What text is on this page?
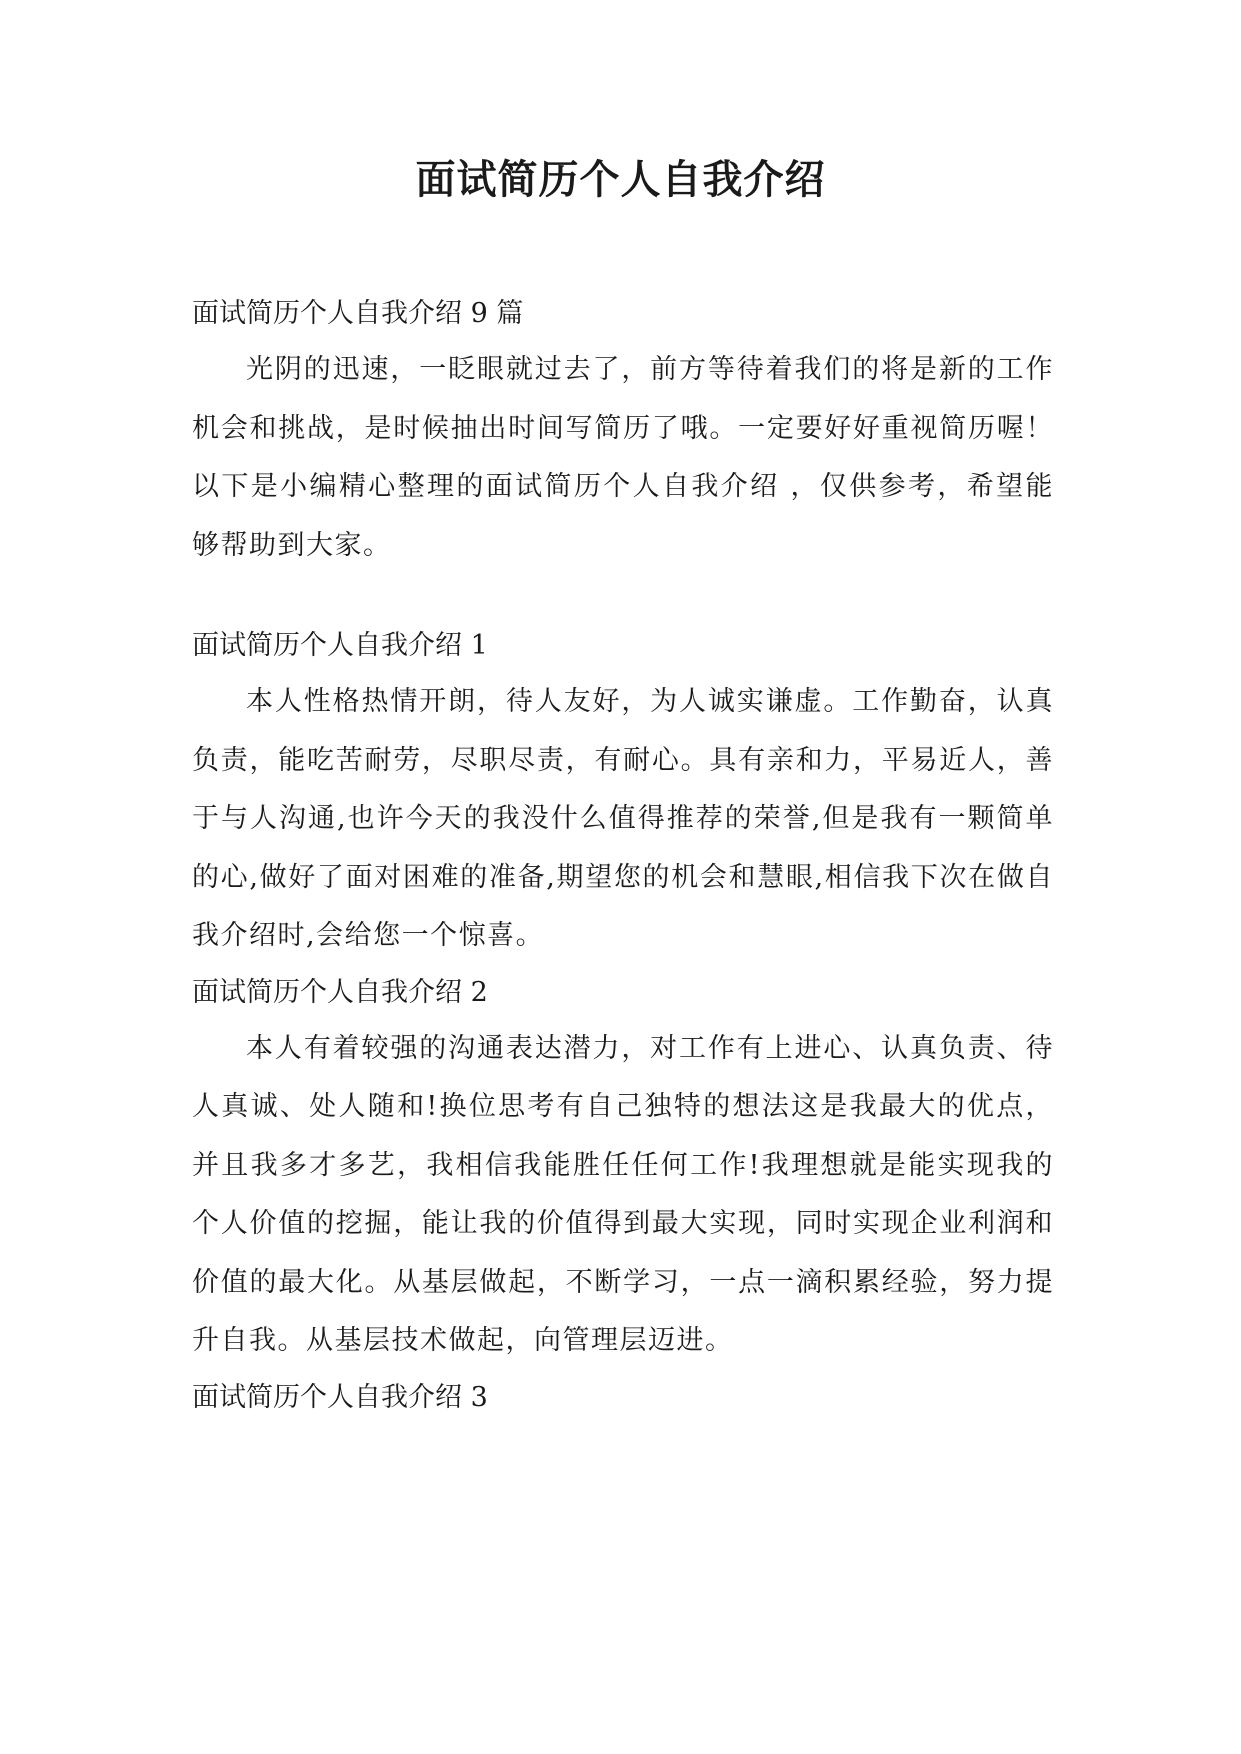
面试简历个人自我介绍

面试简历个人自我介绍 9 篇

光阴的迅速，一眨眼就过去了，前方等待着我们的将是新的工作机会和挑战，是时候抽出时间写简历了哦。一定要好好重视简历喔！以下是小编精心整理的面试简历个人自我介绍 ，仅供参考，希望能够帮助到大家。

面试简历个人自我介绍 1

本人性格热情开朗，待人友好，为人诚实谦虚。工作勤奋，认真负责，能吃苦耐劳，尽职尽责，有耐心。具有亲和力，平易近人，善于与人沟通,也许今天的我没什么值得推荐的荣誉,但是我有一颗简单的心,做好了面对困难的准备,期望您的机会和慧眼,相信我下次在做自我介绍时,会给您一个惊喜。

面试简历个人自我介绍 2

本人有着较强的沟通表达潜力，对工作有上进心、认真负责、待人真诚、处人随和!换位思考有自己独特的想法这是我最大的优点，并且我多才多艺，我相信我能胜任任何工作!我理想就是能实现我的个人价值的挖掘，能让我的价值得到最大实现，同时实现企业利润和价值的最大化。从基层做起，不断学习，一点一滴积累经验，努力提升自我。从基层技术做起，向管理层迈进。

面试简历个人自我介绍 3
